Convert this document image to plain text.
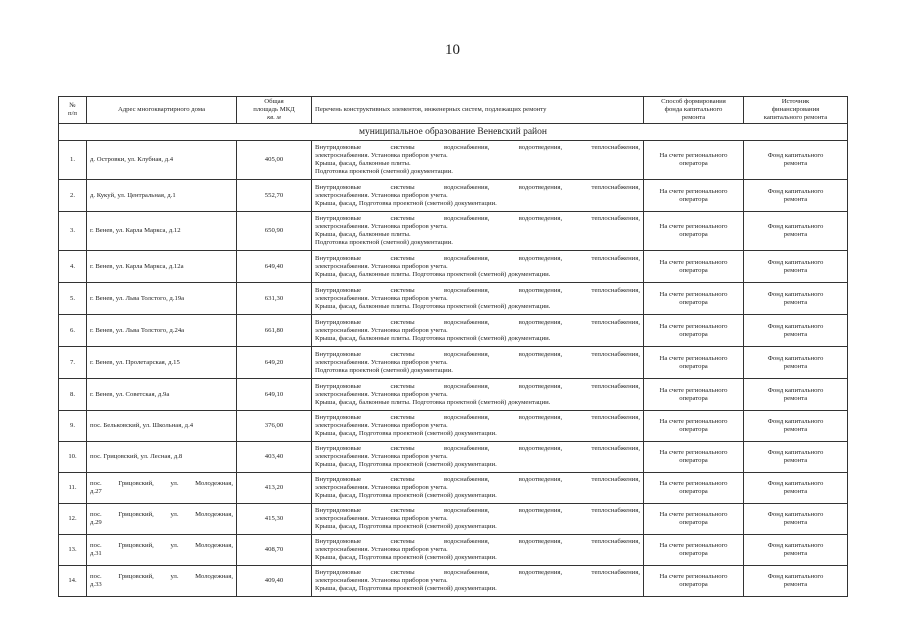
10
№
п/п	Адрес многоквартирного дома	Общая
площадь МКД
кв. м	Перечень конструктивных элементов, инженерных систем, подлежащих ремонту	Способ формирования
фонда капитального
ремонта	Источник
финансирования
капитального ремонта

муниципальное образование Веневский район					
1.	д. Островки, ул. Клубная, д.4	405,00	Внутридомовые системы водоснабжения, водоотведения, теплоснабжения,
электроснабжения. Установка приборов учета.
Крыша, фасад, балконные плиты.
Подготовка проектной (сметной) документации.	На счете регионального
оператора	Фонд капитального
ремонта

2.	д. Кукуй, ул. Центральная, д.1	552,70	Внутридомовые системы водоснабжения, водоотведения, теплоснабжения,
электроснабжения. Установка приборов учета.
Крыша, фасад, Подготовка проектной (сметной) документации.	На счете регионального
оператора	Фонд капитального
ремонта

3.	г. Венев, ул. Карла Маркса, д.12	650,90	Внутридомовые системы водоснабжения, водоотведения, теплоснабжения,
электроснабжения. Установка приборов учета.
Крыша, фасад, балконные плиты.
Подготовка проектной (сметной) документации.	На счете регионального
оператора	Фонд капитального
ремонта

4.	г. Венев, ул. Карла Маркса, д.12а	649,40	Внутридомовые системы водоснабжения, водоотведения, теплоснабжения,
электроснабжения. Установка приборов учета.
Крыша, фасад, балконные плиты. Подготовка проектной (сметной) документации.	На счете регионального
оператора	Фонд капитального
ремонта

5.	г. Венев, ул. Льва Толстого, д.19а	631,30	Внутридомовые системы водоснабжения, водоотведения, теплоснабжения,
электроснабжения. Установка приборов учета.
Крыша, фасад, балконные плиты. Подготовка проектной (сметной) документации.	На счете регионального
оператора	Фонд капитального
ремонта

6.	г. Венев, ул. Льва Толстого, д.24а	661,80	Внутридомовые системы водоснабжения, водоотведения, теплоснабжения,
электроснабжения. Установка приборов учета.
Крыша, фасад, балконные плиты. Подготовка проектной (сметной) документации.	На счете регионального
оператора	Фонд капитального
ремонта

7.	г. Венев, ул. Пролетарская, д.15	649,20	Внутридомовые системы водоснабжения, водоотведения, теплоснабжения,
электроснабжения. Установка приборов учета.
Подготовка проектной (сметной) документации.	На счете регионального
оператора	Фонд капитального
ремонта

8.	г. Венев, ул. Советская, д.9а	649,10	Внутридомовые системы водоснабжения, водоотведения, теплоснабжения,
электроснабжения. Установка приборов учета.
Крыша, фасад, балконные плиты. Подготовка проектной (сметной) документации.	На счете регионального
оператора	Фонд капитального
ремонта

9.	пос. Бельковский, ул. Школьная, д.4	376,00	Внутридомовые системы водоснабжения, водоотведения, теплоснабжения,
электроснабжения. Установка приборов учета.
Крыша, фасад, Подготовка проектной (сметной) документации.	На счете регионального
оператора	Фонд капитального
ремонта

10.	пос. Грицовский, ул. Лесная, д.8	403,40	Внутридомовые системы водоснабжения, водоотведения, теплоснабжения,
электроснабжения. Установка приборов учета.
Крыша, фасад, Подготовка проектной (сметной) документации.	На счете регионального
оператора	Фонд капитального
ремонта

11.	пос. Грицовский, ул. Молодежная,
д.27	413,20	Внутридомовые системы водоснабжения, водоотведения, теплоснабжения,
электроснабжения. Установка приборов учета.
Крыша, фасад, Подготовка проектной (сметной) документации.	На счете регионального
оператора	Фонд капитального
ремонта

12.	пос. Грицовский, ул. Молодежная,
д.29	415,30	Внутридомовые системы водоснабжения, водоотведения, теплоснабжения,
электроснабжения. Установка приборов учета.
Крыша, фасад, Подготовка проектной (сметной) документации.	На счете регионального
оператора	Фонд капитального
ремонта

13.	пос. Грицовский, ул. Молодежная,
д.31	408,70	Внутридомовые системы водоснабжения, водоотведения, теплоснабжения,
электроснабжения. Установка приборов учета.
Крыша, фасад, Подготовка проектной (сметной) документации.	На счете регионального
оператора	Фонд капитального
ремонта

14.	пос. Грицовский, ул. Молодежная,
д.33	409,40	Внутридомовые системы водоснабжения, водоотведения, теплоснабжения,
электроснабжения. Установка приборов учета.
Крыша, фасад, Подготовка проектной (сметной) документации.	На счете регионального
оператора	Фонд капитального
ремонта
